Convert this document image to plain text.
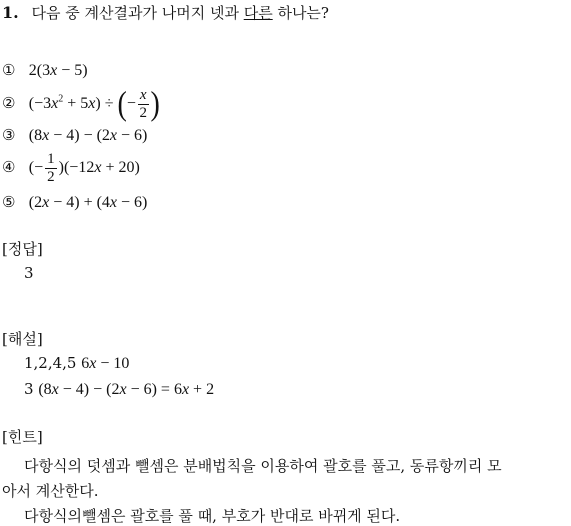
1. 다음 중 계산결과가 나머지 넷과 다른 하나는?
① 2(3x − 5)
② $(-3x^2 + 5x)$ ÷ (− $\frac{x}{2}$ )
③ (8x − 4) − (2x − 6)
④ (− $\frac{1}{2} )(-12x + 20)$
⑤ (2x − 4) + (4x − 6)
[정답]
3
[해설]
1,2,4,5 6x − 10
3 (8x − 4) − (2x − 6) = 6x + 2
[힌트]
다항식의 덧셈과 뺄셈은 분배법칙을 이용하여 괄호를 풀고, 동류항끼리 모
아서 계산한다.
다항식의뺄셈은 괄호를 풀 때, 부호가 반대로 바뀌게 된다.
